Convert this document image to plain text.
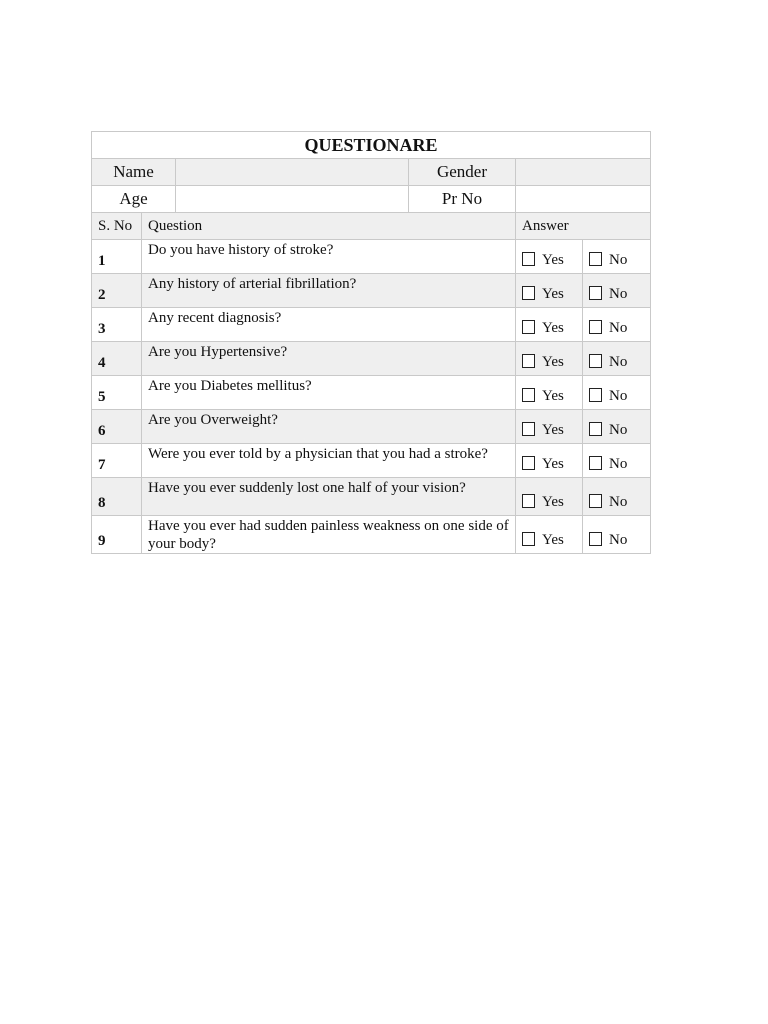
QUESTIONARE					
Name			Gender		
Age			Pr No		
S. No	Question			Answer	
1	Do you have history of stroke?			Yes	No

2	Any history of arterial fibrillation?			Yes	No

3	Any recent diagnosis?			Yes	No

4	Are you Hypertensive?			Yes	No

5	Are you Diabetes mellitus?			Yes	No

6	Are you Overweight?			Yes	No

7	Were you ever told by a physician that you had a stroke?			Yes	No

8	Have you ever suddenly lost one half of your vision?			Yes	No

9	Have you ever had sudden painless weakness on one side of your body?			Yes	No
